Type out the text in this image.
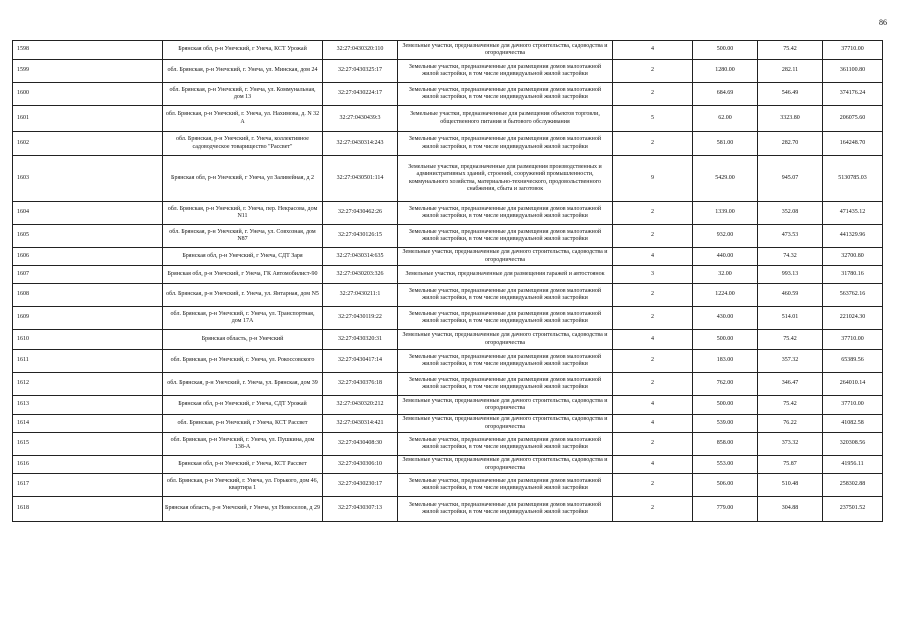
86
1598	Брянская обл, р-н Унечский, г Унеча, КСТ Урожай	32:27:0430320:110	Земельные участки, предназначенные для дачного строительства, садоводства и огородничества	4	500.00	75.42	37710.00
1599	обл. Брянская, р-н Унечский, г. Унеча, ул. Минская, дом 24	32:27:0430325:17	Земельные участки, предназначенные для размещения домов малоэтажной жилой застройки, в том числе индивидуальной жилой застройки	2	1280.00	282.11	361100.80
1600	обл. Брянская, р-н Унечский, г. Унеча, ул. Коммунальная, дом 13	32:27:0430224:17	Земельные участки, предназначенные для размещения домов малоэтажной жилой застройки, в том числе индивидуальной жилой застройки	2	684.69	546.49	374176.24
1601	обл. Брянская, р-н Унечский, г. Унеча, ул. Нахимова, д. N 32 А	32:27:0430439:3	Земельные участки, предназначенные для размещения объектов торговли, общественного питания и бытового обслуживания	5	62.00	3323.80	206075.60
1602	обл. Брянская, р-н Унечский, г. Унеча, коллективное садоводческое товарищество "Рассвет"	32:27:0430314:243	Земельные участки, предназначенные для размещения домов малоэтажной жилой застройки, в том числе индивидуальной жилой застройки	2	581.00	282.70	164248.70
1603	Брянская обл, р-н Унечский, г Унеча, ул Заливейная, д 2	32:27:0430501:114	Земельные участки, предназначенные для размещения производственных и административных зданий, строений, сооружений промышленности, коммунального хозяйства, материально-технического, продовольственного снабжения, сбыта и заготовок	9	5429.00	945.07	5130785.03
1604	обл. Брянская, р-н Унечский, г. Унеча, пер. Некрасова, дом N11	32:27:0430462:26	Земельные участки, предназначенные для размещения домов малоэтажной жилой застройки, в том числе индивидуальной жилой застройки	2	1339.00	352.08	471435.12
1605	обл. Брянская, р-н Унечский, г. Унеча, ул. Совхозная, дом N87	32:27:0430126:15	Земельные участки, предназначенные для размещения домов малоэтажной жилой застройки, в том числе индивидуальной жилой застройки	2	932.00	473.53	441329.96
1606	Брянская обл, р-н Унечский, г Унеча, СДТ Заря	32:27:0430314:635	Земельные участки, предназначенные для дачного строительства, садоводства и огородничества	4	440.00	74.32	32700.80
1607	Брянская обл, р-н Унечский, г Унеча, ГК Автомобилист-90	32:27:0430203:326	Земельные участки, предназначенные для размещения гаражей и автостоянок	3	32.00	993.13	31780.16
1608	обл. Брянская, р-н Унечский, г. Унеча, ул. Янтарная, дом N5	32:27:0430211:1	Земельные участки, предназначенные для размещения домов малоэтажной жилой застройки, в том числе индивидуальной жилой застройки	2	1224.00	460.59	563762.16
1609	обл. Брянская, р-н Унечский, г. Унеча, ул. Транспортная, дом 17А	32:27:0430119:22	Земельные участки, предназначенные для размещения домов малоэтажной жилой застройки, в том числе индивидуальной жилой застройки	2	430.00	514.01	221024.30
1610	Брянская область, р-н Унечский	32:27:0430320:31	Земельные участки, предназначенные для дачного строительства, садоводства и огородничества	4	500.00	75.42	37710.00
1611	обл. Брянская, р-н Унечский, г. Унеча, ул. Рокоссовского	32:27:0430417:14	Земельные участки, предназначенные для размещения домов малоэтажной жилой застройки, в том числе индивидуальной жилой застройки	2	183.00	357.32	65389.56
1612	обл. Брянская, р-н Унечский, г. Унеча, ул. Брянская, дом 39	32:27:0430376:18	Земельные участки, предназначенные для размещения домов малоэтажной жилой застройки, в том числе индивидуальной жилой застройки	2	762.00	346.47	264010.14
1613	Брянская обл, р-н Унечский, г Унеча, СДТ Урожай	32:27:0430320:212	Земельные участки, предназначенные для дачного строительства, садоводства и огородничества	4	500.00	75.42	37710.00
1614	обл. Брянская, р-н Унечский, г Унеча, КСТ Рассвет	32:27:0430314:421	Земельные участки, предназначенные для дачного строительства, садоводства и огородничества	4	539.00	76.22	41082.58
1615	обл. Брянская, р-н Унечский, г. Унеча, ул. Пушкина, дом 138-А	32:27:0430408:30	Земельные участки, предназначенные для размещения домов малоэтажной жилой застройки, в том числе индивидуальной жилой застройки	2	858.00	373.32	320308.56
1616	Брянская обл, р-н Унечский, г Унеча, КСТ Рассвет	32:27:0430306:10	Земельные участки, предназначенные для дачного строительства, садоводства и огородничества	4	553.00	75.87	41956.11
1617	обл. Брянская, р-н Унечский, г. Унеча, ул. Горького, дом 46, квартира 1	32:27:0430230:17	Земельные участки, предназначенные для размещения домов малоэтажной жилой застройки, в том числе индивидуальной жилой застройки	2	506.00	510.48	258302.88
1618	Брянская область, р-н Унечский, г Унеча, ул Новоселов, д 29	32:27:0430307:13	Земельные участки, предназначенные для размещения домов малоэтажной жилой застройки, в том числе индивидуальной жилой застройки	2	779.00	304.88	237501.52
